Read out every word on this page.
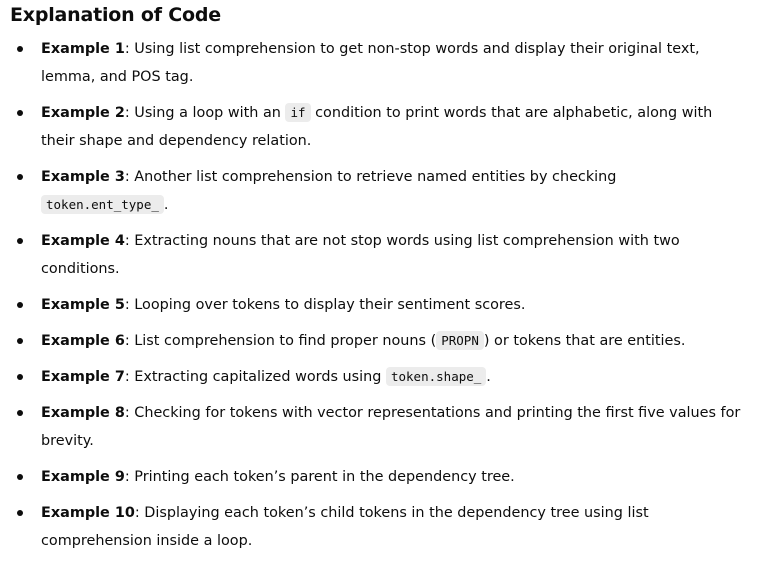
Explanation of Code
Example 1: Using list comprehension to get non-stop words and display their original text, lemma, and POS tag.
Example 2: Using a loop with an if condition to print words that are alphabetic, along with their shape and dependency relation.
Example 3: Another list comprehension to retrieve named entities by checking token.ent_type_ .
Example 4: Extracting nouns that are not stop words using list comprehension with two conditions.
Example 5: Looping over tokens to display their sentiment scores.
Example 6: List comprehension to find proper nouns ( PROPN ) or tokens that are entities.
Example 7: Extracting capitalized words using token.shape_ .
Example 8: Checking for tokens with vector representations and printing the first five values for brevity.
Example 9: Printing each token’s parent in the dependency tree.
Example 10: Displaying each token’s child tokens in the dependency tree using list comprehension inside a loop.
